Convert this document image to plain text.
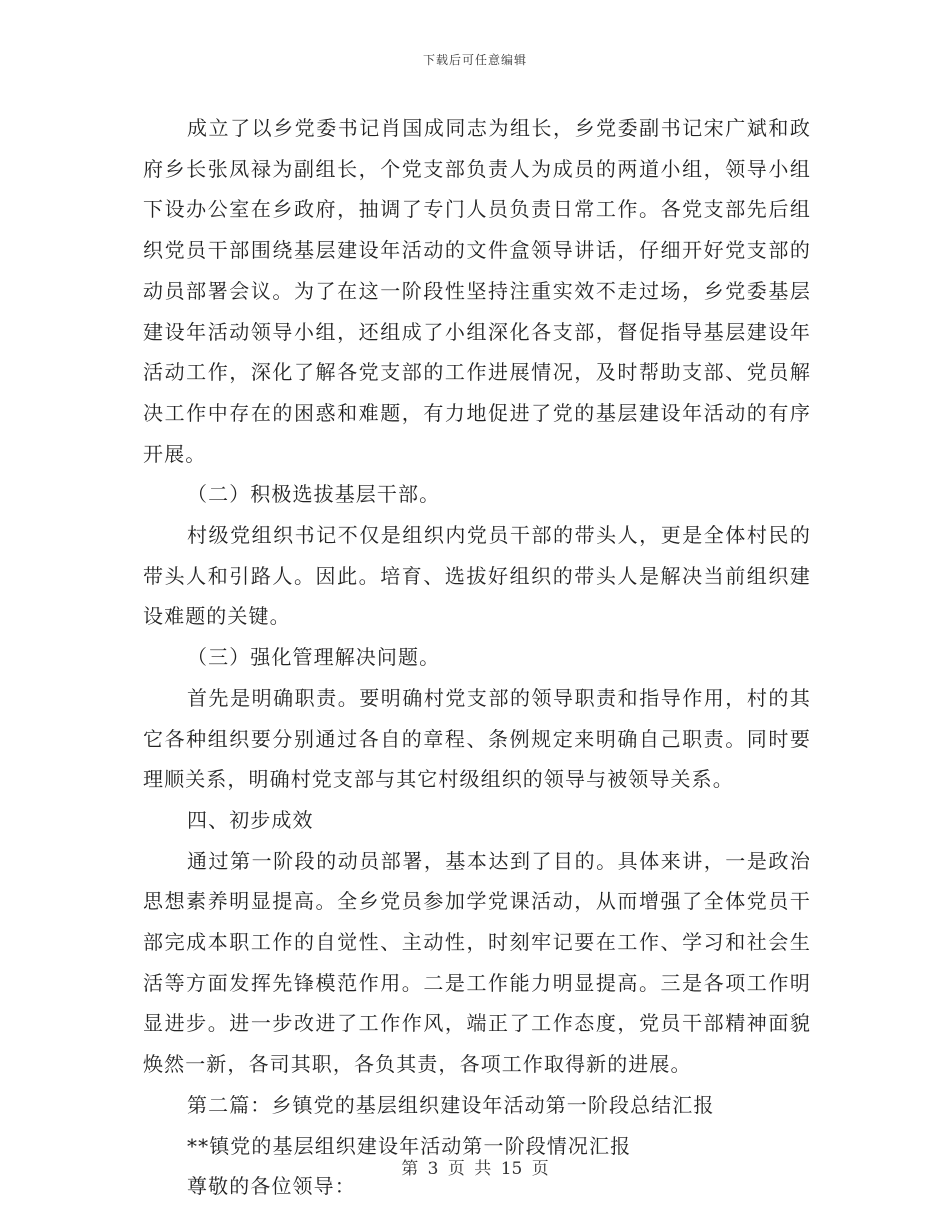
下载后可任意编辑

成立了以乡党委书记肖国成同志为组长，乡党委副书记宋广斌和政府乡长张凤禄为副组长，个党支部负责人为成员的两道小组，领导小组下设办公室在乡政府，抽调了专门人员负责日常工作。各党支部先后组织党员干部围绕基层建设年活动的文件盒领导讲话，仔细开好党支部的动员部署会议。为了在这一阶段性坚持注重实效不走过场，乡党委基层建设年活动领导小组，还组成了小组深化各支部，督促指导基层建设年活动工作，深化了解各党支部的工作进展情况，及时帮助支部、党员解决工作中存在的困惑和难题，有力地促进了党的基层建设年活动的有序开展。

（二）积极选拔基层干部。

村级党组织书记不仅是组织内党员干部的带头人，更是全体村民的带头人和引路人。因此。培育、选拔好组织的带头人是解决当前组织建设难题的关键。

（三）强化管理解决问题。

首先是明确职责。要明确村党支部的领导职责和指导作用，村的其它各种组织要分别通过各自的章程、条例规定来明确自己职责。同时要理顺关系，明确村党支部与其它村级组织的领导与被领导关系。

四、初步成效

通过第一阶段的动员部署，基本达到了目的。具体来讲，一是政治思想素养明显提高。全乡党员参加学党课活动，从而增强了全体党员干部完成本职工作的自觉性、主动性，时刻牢记要在工作、学习和社会生活等方面发挥先锋模范作用。二是工作能力明显提高。三是各项工作明显进步。进一步改进了工作作风，端正了工作态度，党员干部精神面貌焕然一新，各司其职，各负其责，各项工作取得新的进展。

第二篇：乡镇党的基层组织建设年活动第一阶段总结汇报

**镇党的基层组织建设年活动第一阶段情况汇报

尊敬的各位领导：

第 3 页 共 15 页
